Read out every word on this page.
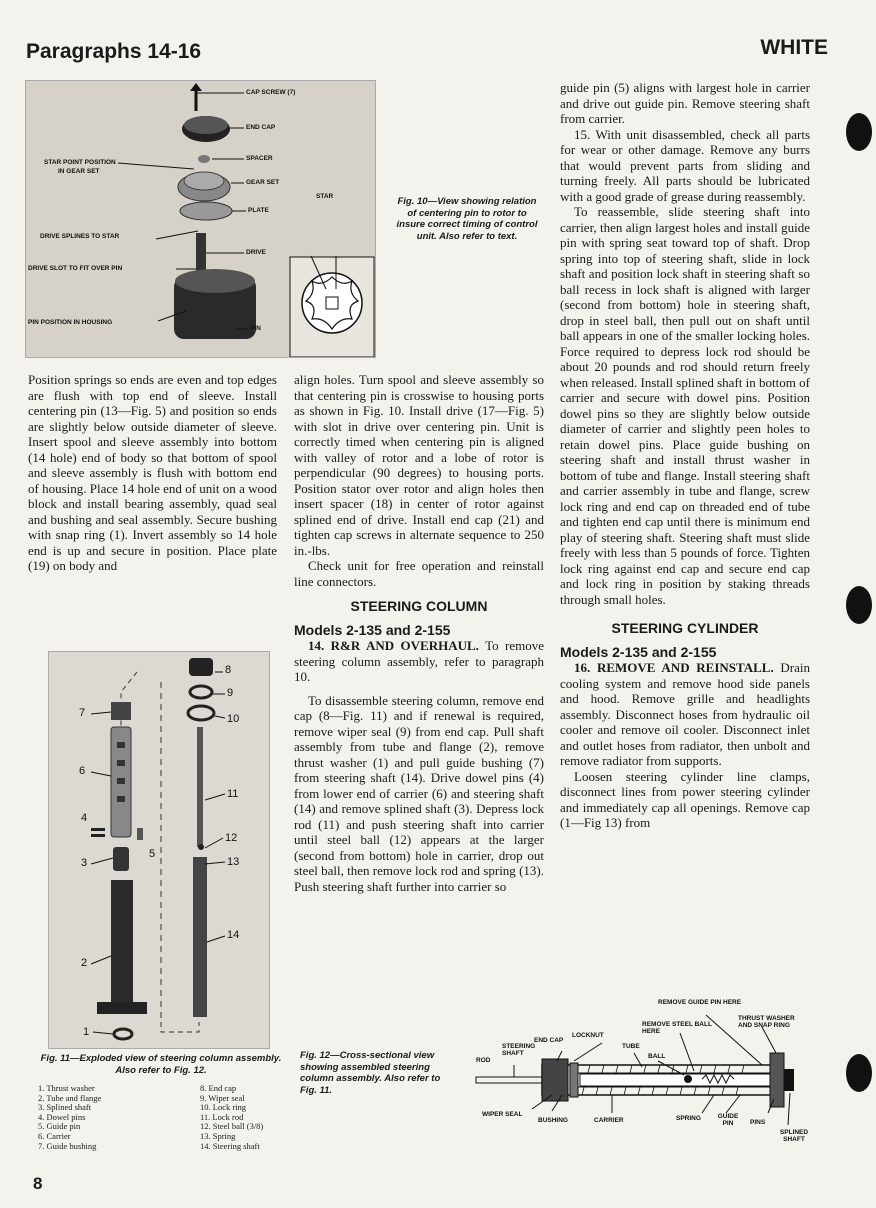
Paragraphs 14-16	WHITE
CAP SCREW (7)
END CAP
STAR POINT POSITION
IN GEAR SET
SPACER
GEAR SET
STAR
PLATE
DRIVE SPLINES TO STAR
DRIVE
DRIVE SLOT TO FIT OVER PIN
PIN POSITION IN HOUSING
PIN
Fig. 10—View showing relation of centering pin to rotor to insure correct timing of control unit. Also refer to text.

Position springs so ends are even and top edges are flush with top end of sleeve. Install centering pin (13—Fig. 5) and position so ends are slightly below outside diameter of sleeve. Insert spool and sleeve assembly into bottom (14 hole) end of body so that bottom of spool and sleeve assembly is flush with bottom end of housing. Place 14 hole end of unit on a wood block and install bearing assembly, quad seal and bushing and seal assembly. Secure bushing with snap ring (1). Invert assembly so 14 hole end is up and secure in position. Place plate (19) on body and

align holes. Turn spool and sleeve assembly so that centering pin is crosswise to housing ports as shown in Fig. 10. Install drive (17—Fig. 5) with slot in drive over centering pin. Unit is correctly timed when centering pin is aligned with valley of rotor and a lobe of rotor is perpendicular (90 degrees) to housing ports. Position stator over rotor and align holes then insert spacer (18) in center of rotor against splined end of drive. Install end cap (21) and tighten cap screws in alternate sequence to 250 in.-lbs.

Check unit for free operation and reinstall line connectors.

STEERING COLUMN
Models 2-135 and 2-155

14. R&R AND OVERHAUL. To remove steering column assembly, refer to paragraph 10.

To disassemble steering column, remove end cap (8—Fig. 11) and if renewal is required, remove wiper seal (9) from end cap. Pull shaft assembly from tube and flange (2), remove thrust washer (1) and pull guide bushing (7) from steering shaft (14). Drive dowel pins (4) from lower end of carrier (6) and steering shaft (14) and remove splined shaft (3). Depress lock rod (11) and push steering shaft into carrier until steel ball (12) appears at the larger (second from bottom) hole in carrier, drop out steel ball, then remove lock rod and spring (13). Push steering shaft further into carrier so

guide pin (5) aligns with largest hole in carrier and drive out guide pin. Remove steering shaft from carrier.

15. With unit disassembled, check all parts for wear or other damage. Remove any burrs that would prevent parts from sliding and turning freely. All parts should be lubricated with a good grade of grease during reassembly.

To reassemble, slide steering shaft into carrier, then align largest holes and install guide pin with spring seat toward top of shaft. Drop spring into top of steering shaft, slide in lock shaft and position lock shaft in steering shaft so ball recess in lock shaft is aligned with larger (second from bottom) hole in steering shaft, drop in steel ball, then pull out on shaft until ball appears in one of the smaller locking holes. Force required to depress lock rod should be about 20 pounds and rod should return freely when released. Install splined shaft in bottom of carrier and secure with dowel pins. Position dowel pins so they are slightly below outside diameter of carrier and slightly peen holes to retain dowel pins. Place guide bushing on steering shaft and install thrust washer in bottom of tube and flange. Install steering shaft and carrier assembly in tube and flange, screw lock ring and end cap on threaded end of tube and tighten end cap until there is minimum end play of steering shaft. Steering shaft must slide freely with less than 5 pounds of force. Tighten lock ring against end cap and secure end cap and lock ring in position by staking threads through small holes.

STEERING CYLINDER
Models 2-135 and 2-155

16. REMOVE AND REINSTALL. Drain cooling system and remove hood side panels and hood. Remove grille and headlights assembly. Disconnect hoses from hydraulic oil cooler and remove oil cooler. Disconnect inlet and outlet hoses from radiator, then unbolt and remove radiator from supports.

Loosen steering cylinder line clamps, disconnect lines from power steering cylinder and immediately cap all openings. Remove cap (1—Fig 13) from

8
9
10
11
12
13
14
7
6
4
5
3
2
1
Fig. 11—Exploded view of steering column assembly. Also refer to Fig. 12.
1. Thrust washer
2. Tube and flange
3. Splined shaft
4. Dowel pins
5. Guide pin
6. Carrier
7. Guide bushing
8. End cap
9. Wiper seal
10. Lock ring
11. Lock rod
12. Steel ball (3/8)
13. Spring
14. Steering shaft
Fig. 12—Cross-sectional view showing assembled steering column assembly. Also refer to Fig. 11.
REMOVE GUIDE PIN HERE
THRUST WASHER AND SNAP RING
REMOVE STEEL BALL HERE
LOCKNUT
END CAP
STEERING SHAFT
ROD
TUBE
BALL
WIPER SEAL
BUSHING	CARRIER	SPRING	GUIDE PIN	PINS
SPLINED SHAFT
8
